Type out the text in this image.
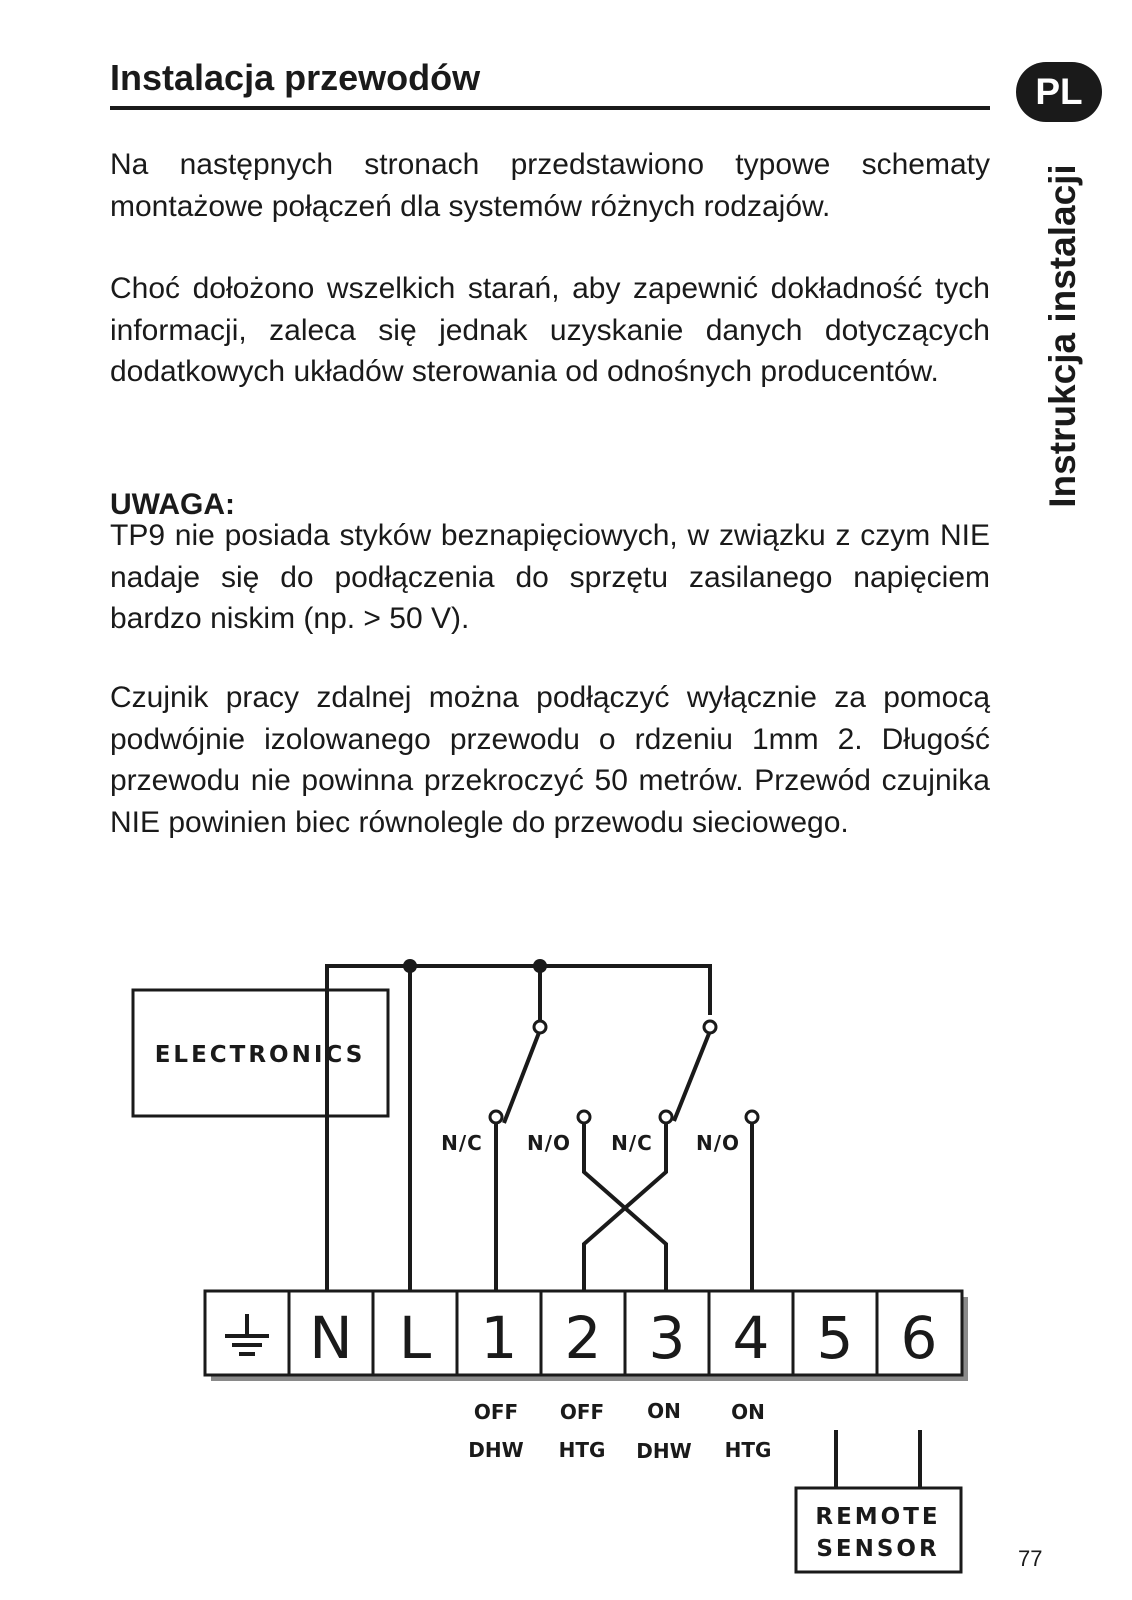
Instalacja przewodów	PL
Instrukcja instalacji

Na następnych stronach przedstawiono typowe schematy montażowe połączeń dla systemów różnych rodzajów.

Choć dołożono wszelkich starań, aby zapewnić dokładność tych informacji, zaleca się jednak uzyskanie danych dotyczących dodatkowych układów sterowania od odnośnych producentów.

UWAGA:

TP9 nie posiada styków beznapięciowych, w związku z czym NIE nadaje się do podłączenia do sprzętu zasilanego napięciem bardzo niskim (np. > 50 V).

Czujnik pracy zdalnej można podłączyć wyłącznie za pomocą podwójnie izolowanego przewodu o rdzeniu 1mm 2. Długość przewodu nie powinna przekroczyć 50 metrów. Przewód czujnika NIE powinien biec równolegle do przewodu sieciowego.

ELECTRONICS
N/C N/O N/C N/O
N L 1 2 3 4 5 6
OFF
DHW
OFF
HTG
ON
DHW
ON
HTG
REMOTE
SENSOR	77
